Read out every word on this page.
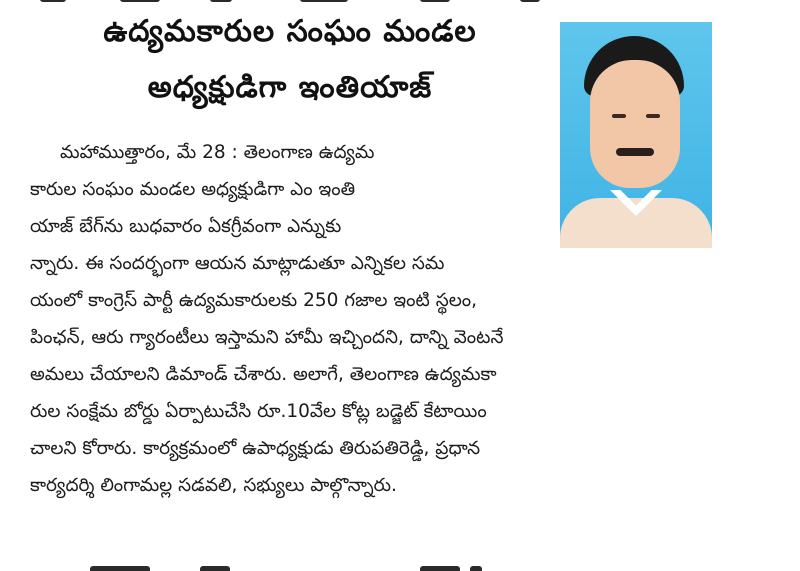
ఉద్యమకారుల సంఘం మండల
అధ్యక్షుడిగా ఇంతియాజ్
మహాముత్తారం, మే 28 : తెలంగాణ ఉద్యమ
కారుల సంఘం మండల అధ్యక్షుడిగా ఎం ఇంతి
యాజ్ బేగ్‌ను బుధవారం ఏకగ్రీవంగా ఎన్నుకు
న్నారు. ఈ సందర్భంగా ఆయన మాట్లాడుతూ ఎన్నికల సమ
యంలో కాంగ్రెస్ పార్టీ ఉద్యమకారులకు 250 గజాల ఇంటి స్థలం,
పింఛన్, ఆరు గ్యారంటీలు ఇస్తామని హామీ ఇచ్చిందని, దాన్ని వెంటనే
అమలు చేయాలని డిమాండ్ చేశారు. అలాగే, తెలంగాణ ఉద్యమకా
రుల సంక్షేమ బోర్డు ఏర్పాటుచేసి రూ.10వేల కోట్ల బడ్జెట్ కేటాయిం
చాలని కోరారు. కార్యక్రమంలో ఉపాధ్యక్షుడు తిరుపతిరెడ్డి, ప్రధాన
కార్యదర్శి లింగామల్ల సడవలి, సభ్యులు పాల్గొన్నారు.
